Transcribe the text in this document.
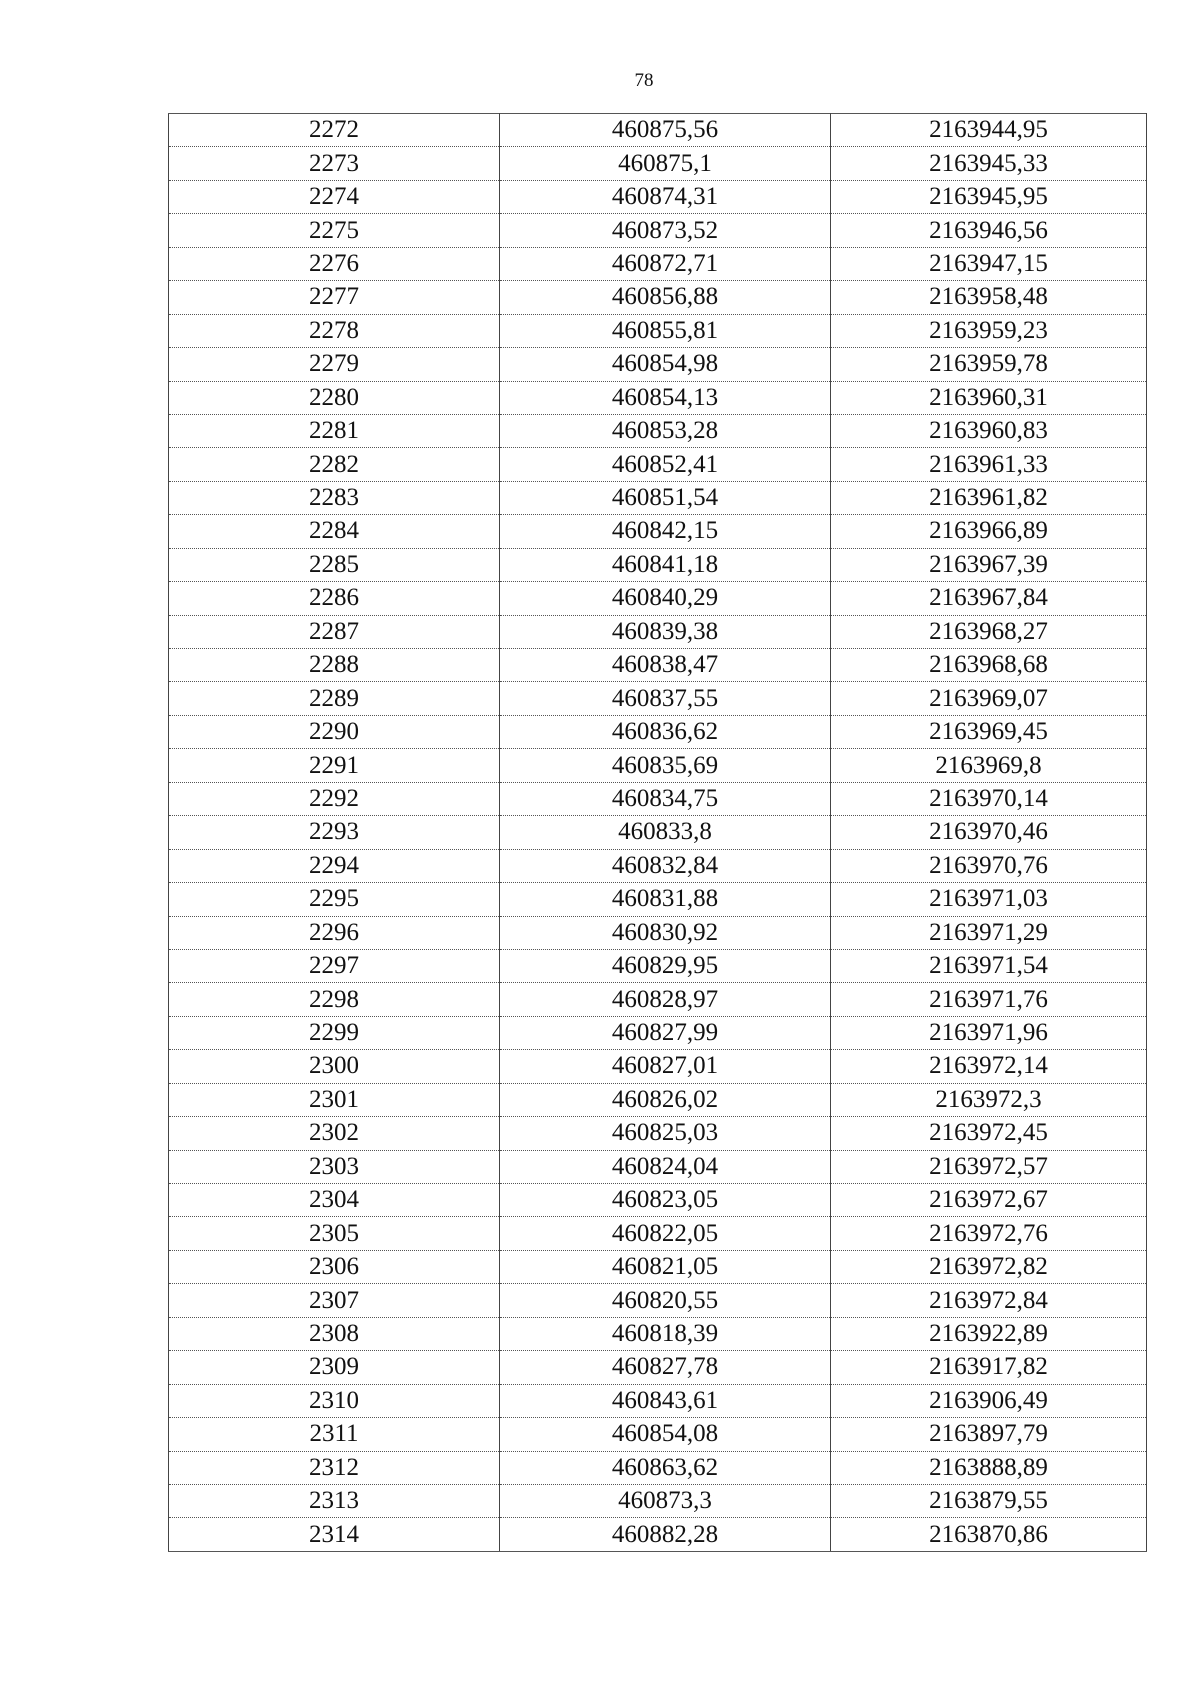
78
2272	460875,56	2163944,95
2273	460875,1	2163945,33
2274	460874,31	2163945,95
2275	460873,52	2163946,56
2276	460872,71	2163947,15
2277	460856,88	2163958,48
2278	460855,81	2163959,23
2279	460854,98	2163959,78
2280	460854,13	2163960,31
2281	460853,28	2163960,83
2282	460852,41	2163961,33
2283	460851,54	2163961,82
2284	460842,15	2163966,89
2285	460841,18	2163967,39
2286	460840,29	2163967,84
2287	460839,38	2163968,27
2288	460838,47	2163968,68
2289	460837,55	2163969,07
2290	460836,62	2163969,45
2291	460835,69	2163969,8
2292	460834,75	2163970,14
2293	460833,8	2163970,46
2294	460832,84	2163970,76
2295	460831,88	2163971,03
2296	460830,92	2163971,29
2297	460829,95	2163971,54
2298	460828,97	2163971,76
2299	460827,99	2163971,96
2300	460827,01	2163972,14
2301	460826,02	2163972,3
2302	460825,03	2163972,45
2303	460824,04	2163972,57
2304	460823,05	2163972,67
2305	460822,05	2163972,76
2306	460821,05	2163972,82
2307	460820,55	2163972,84
2308	460818,39	2163922,89
2309	460827,78	2163917,82
2310	460843,61	2163906,49
2311	460854,08	2163897,79
2312	460863,62	2163888,89
2313	460873,3	2163879,55
2314	460882,28	2163870,86
